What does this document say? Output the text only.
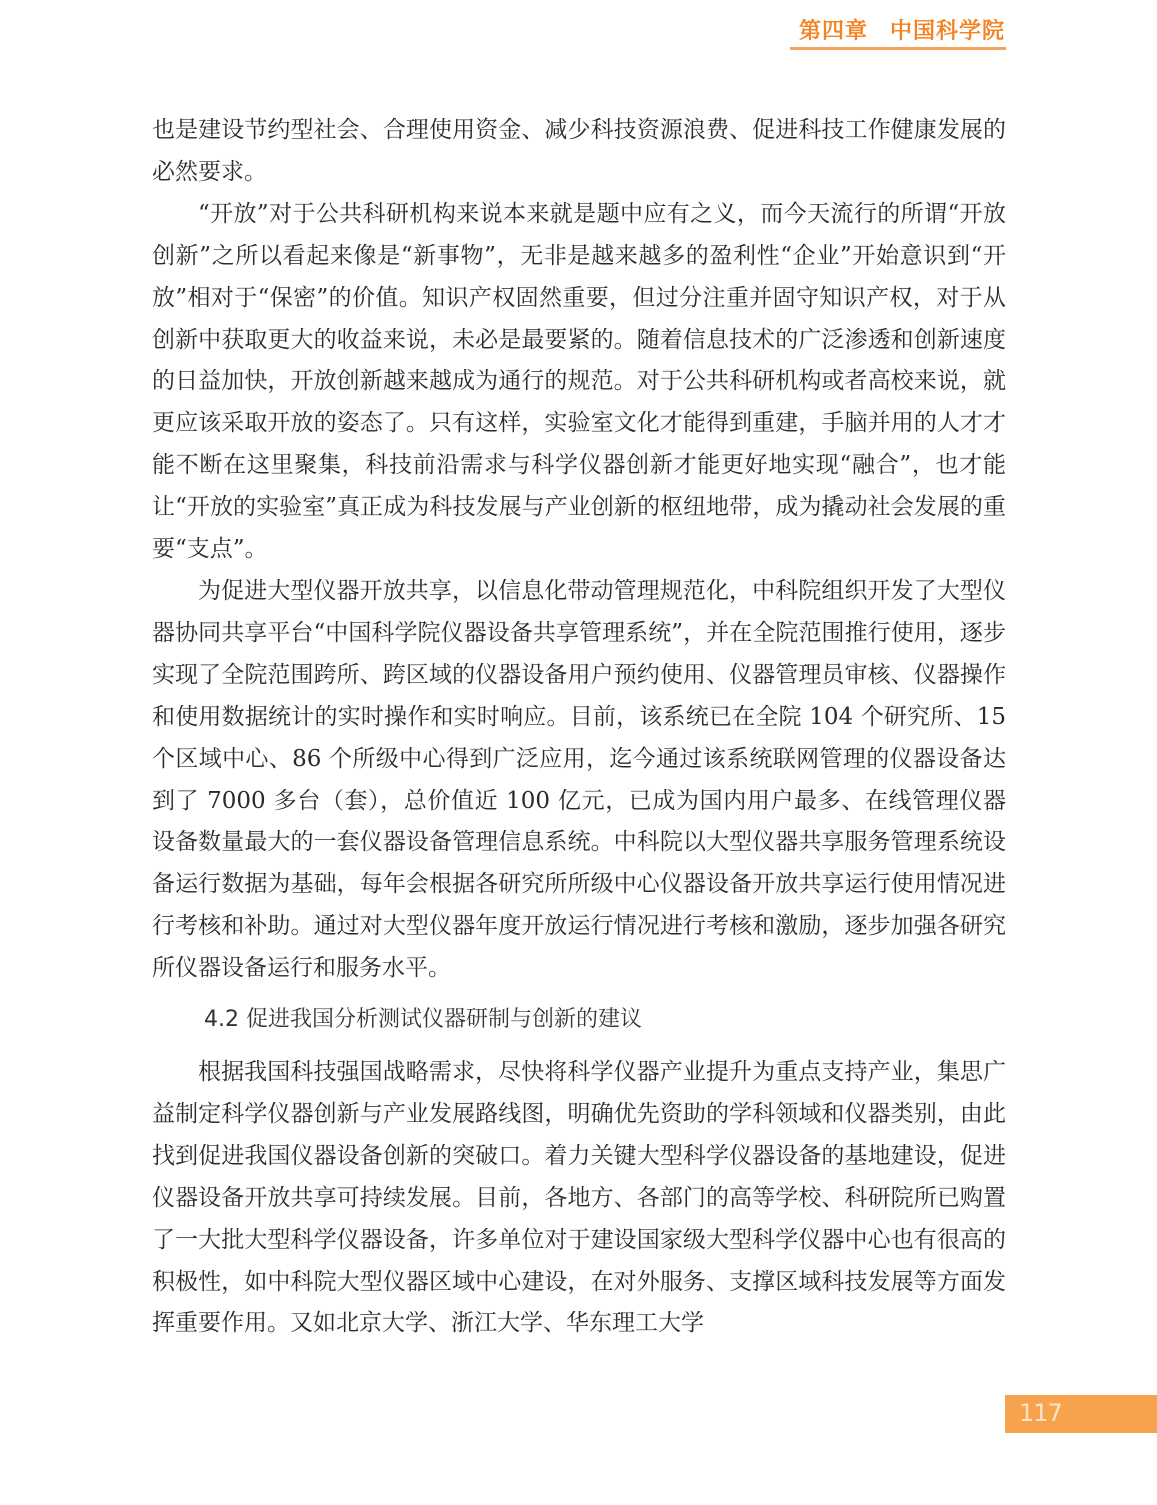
第四章 中国科学院

也是建设节约型社会、合理使用资金、减少科技资源浪费、促进科技工作健康发展的必然要求。

“开放”对于公共科研机构来说本来就是题中应有之义，而今天流行的所谓“开放创新”之所以看起来像是“新事物”，无非是越来越多的盈利性“企业”开始意识到“开放”相对于“保密”的价值。知识产权固然重要，但过分注重并固守知识产权，对于从创新中获取更大的收益来说，未必是最要紧的。随着信息技术的广泛渗透和创新速度的日益加快，开放创新越来越成为通行的规范。对于公共科研机构或者高校来说，就更应该采取开放的姿态了。只有这样，实验室文化才能得到重建，手脑并用的人才才能不断在这里聚集，科技前沿需求与科学仪器创新才能更好地实现“融合”，也才能让“开放的实验室”真正成为科技发展与产业创新的枢纽地带，成为撬动社会发展的重要“支点”。

为促进大型仪器开放共享，以信息化带动管理规范化，中科院组织开发了大型仪器协同共享平台“中国科学院仪器设备共享管理系统”，并在全院范围推行使用，逐步实现了全院范围跨所、跨区域的仪器设备用户预约使用、仪器管理员审核、仪器操作和使用数据统计的实时操作和实时响应。目前，该系统已在全院 104 个研究所、15 个区域中心、86 个所级中心得到广泛应用，迄今通过该系统联网管理的仪器设备达到了 7000 多台（套），总价值近 100 亿元，已成为国内用户最多、在线管理仪器设备数量最大的一套仪器设备管理信息系统。中科院以大型仪器共享服务管理系统设备运行数据为基础，每年会根据各研究所所级中心仪器设备开放共享运行使用情况进行考核和补助。通过对大型仪器年度开放运行情况进行考核和激励，逐步加强各研究所仪器设备运行和服务水平。

4.2 促进我国分析测试仪器研制与创新的建议

根据我国科技强国战略需求，尽快将科学仪器产业提升为重点支持产业，集思广益制定科学仪器创新与产业发展路线图，明确优先资助的学科领域和仪器类别，由此找到促进我国仪器设备创新的突破口。着力关键大型科学仪器设备的基地建设，促进仪器设备开放共享可持续发展。目前，各地方、各部门的高等学校、科研院所已购置了一大批大型科学仪器设备，许多单位对于建设国家级大型科学仪器中心也有很高的积极性，如中科院大型仪器区域中心建设，在对外服务、支撑区域科技发展等方面发挥重要作用。又如北京大学、浙江大学、华东理工大学

117
